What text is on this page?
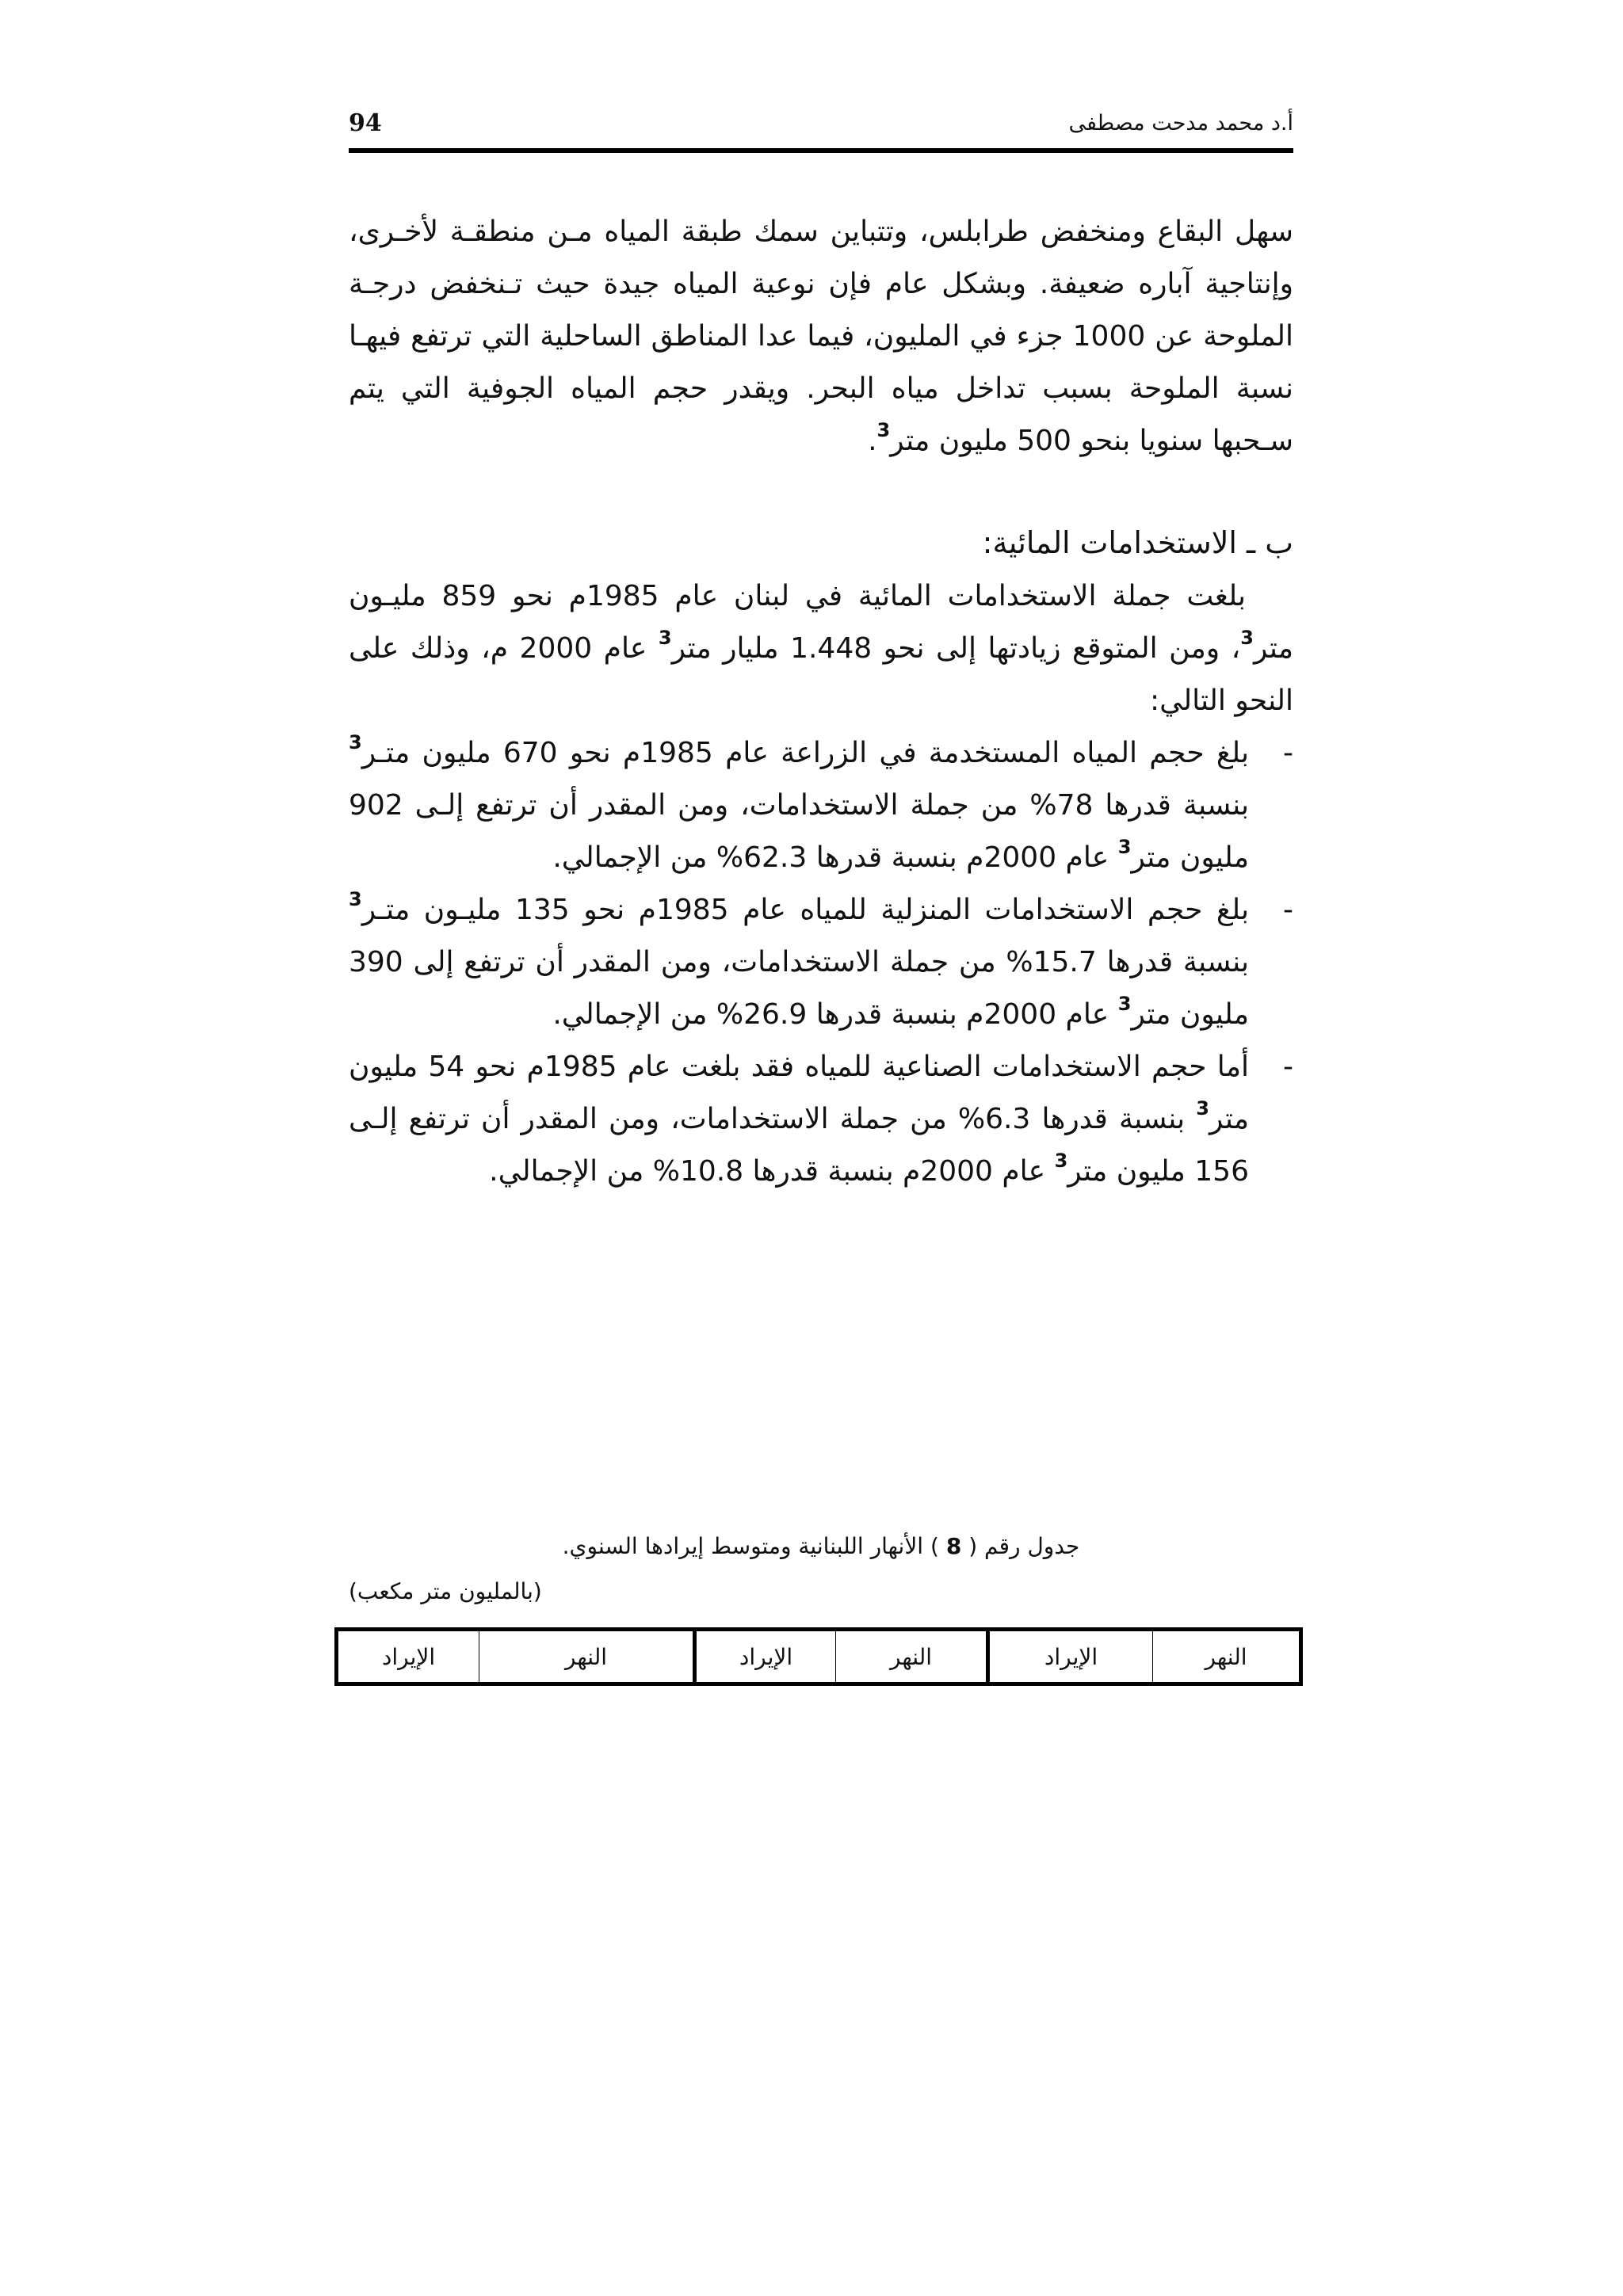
94	أ.د محمد مدحت مصطفى

سهل البقاع ومنخفض طرابلس، وتتباين سمك طبقة المياه مـن منطقـة لأخـرى، وإنتاجية آباره ضعيفة. وبشكل عام فإن نوعية المياه جيدة حيث تـنخفض درجـة الملوحة عن 1000 جزء في المليون، فيما عدا المناطق الساحلية التي ترتفع فيهـا نسبة الملوحة بسبب تداخل مياه البحر. ويقدر حجم المياه الجوفية التي يتم سـحبها سنويا بنحو 500 مليون متر$^3$.

ب ـ الاستخدامات المائية:

بلغت جملة الاستخدامات المائية في لبنان عام 1985م نحو 859 مليـون متر$^3$، ومن المتوقع زيادتها إلى نحو 1.448 مليار متر$^3$ عام 2000 م، وذلك على النحو التالي:

-
بلغ حجم المياه المستخدمة في الزراعة عام 1985م نحو 670 مليون متـر$^3$ بنسبة قدرها 78% من جملة الاستخدامات، ومن المقدر أن ترتفع إلـى 902 مليون متر$^3$ عام 2000م بنسبة قدرها 62.3% من الإجمالي.
-
بلغ حجم الاستخدامات المنزلية للمياه عام 1985م نحو 135 مليـون متـر$^3$ بنسبة قدرها 15.7% من جملة الاستخدامات، ومن المقدر أن ترتفع إلى 390 مليون متر$^3$ عام 2000م بنسبة قدرها 26.9% من الإجمالي.
-
أما حجم الاستخدامات الصناعية للمياه فقد بلغت عام 1985م نحو 54 مليون متر$^3$ بنسبة قدرها 6.3% من جملة الاستخدامات، ومن المقدر أن ترتفع إلـى 156 مليون متر$^3$ عام 2000م بنسبة قدرها 10.8% من الإجمالي.
جدول رقم ( 8 ) الأنهار اللبنانية ومتوسط إيرادها السنوي.
(بالمليون متر مكعب)
النهر
الإيراد
النهر
الإيراد
النهر
الإيراد
